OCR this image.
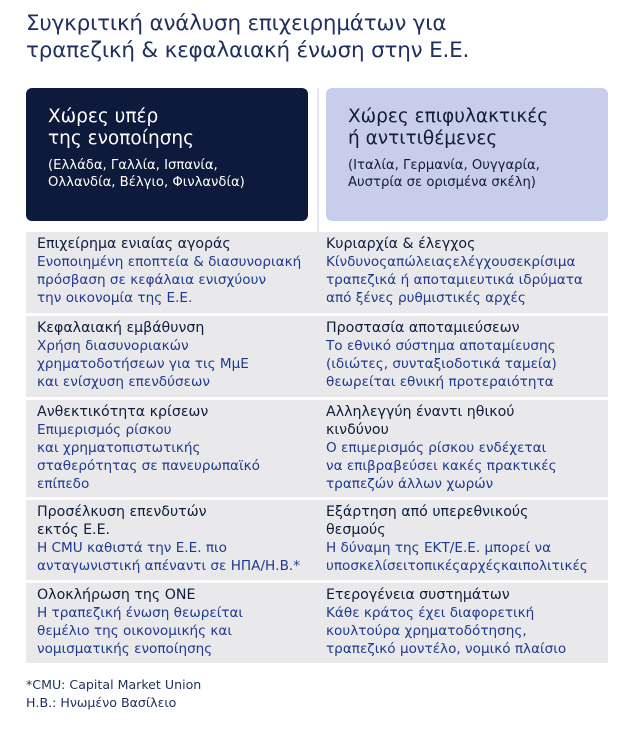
Συγκριτική ανάλυση επιχειρημάτων για
τραπεζική & κεφαλαιακή ένωση στην Ε.Ε.
Χώρες υπέρ
της ενοποίησης
(Ελλάδα, Γαλλία, Ισπανία,
Ολλανδία, Βέλγιο, Φινλανδία)
Χώρες επιφυλακτικές
ή αντιτιθέμενες
(Ιταλία, Γερμανία, Ουγγαρία,
Αυστρία σε ορισμένα σκέλη)
Επιχείρημα ενιαίας αγοράς
Ενοποιημένη εποπτεία & διασυνοριακή
πρόσβαση σε κεφάλαια ενισχύουν
την οικονομία της Ε.Ε.
Κυριαρχία & έλεγχος
Κίνδυνοςαπώλειαςελέγχουσεκρίσιμα
τραπεζικά ή αποταμιευτικά ιδρύματα
από ξένες ρυθμιστικές αρχές
Κεφαλαιακή εμβάθυνση
Χρήση διασυνοριακών
χρηματοδοτήσεων για τις ΜμΕ
και ενίσχυση επενδύσεων
Προστασία αποταμιεύσεων
Το εθνικό σύστημα αποταμίευσης
(ιδιώτες, συνταξιοδοτικά ταμεία)
θεωρείται εθνική προτεραιότητα
Ανθεκτικότητα κρίσεων
Επιμερισμός ρίσκου
και χρηματοπιστωτικής
σταθερότητας σε πανευρωπαϊκό
επίπεδο
Αλληλεγγύη έναντι ηθικού
κινδύνου
Ο επιμερισμός ρίσκου ενδέχεται
να επιβραβεύσει κακές πρακτικές
τραπεζών άλλων χωρών
Προσέλκυση επενδυτών
εκτός Ε.Ε.
Η CMU καθιστά την Ε.Ε. πιο
ανταγωνιστική απέναντι σε ΗΠΑ/Η.Β.*
Εξάρτηση από υπερεθνικούς
θεσμούς
Η δύναμη της ΕΚΤ/Ε.Ε. μπορεί να
υποσκελίσειτοπικέςαρχέςκαιπολιτικές
Ολοκλήρωση της ΟΝΕ
Η τραπεζική ένωση θεωρείται
θεμέλιο της οικονομικής και
νομισματικής ενοποίησης
Ετερογένεια συστημάτων
Κάθε κράτος έχει διαφορετική
κουλτούρα χρηματοδότησης,
τραπεζικό μοντέλο, νομικό πλαίσιο
*CMU: Capital Market Union
Η.Β.: Ηνωμένο Βασίλειο
